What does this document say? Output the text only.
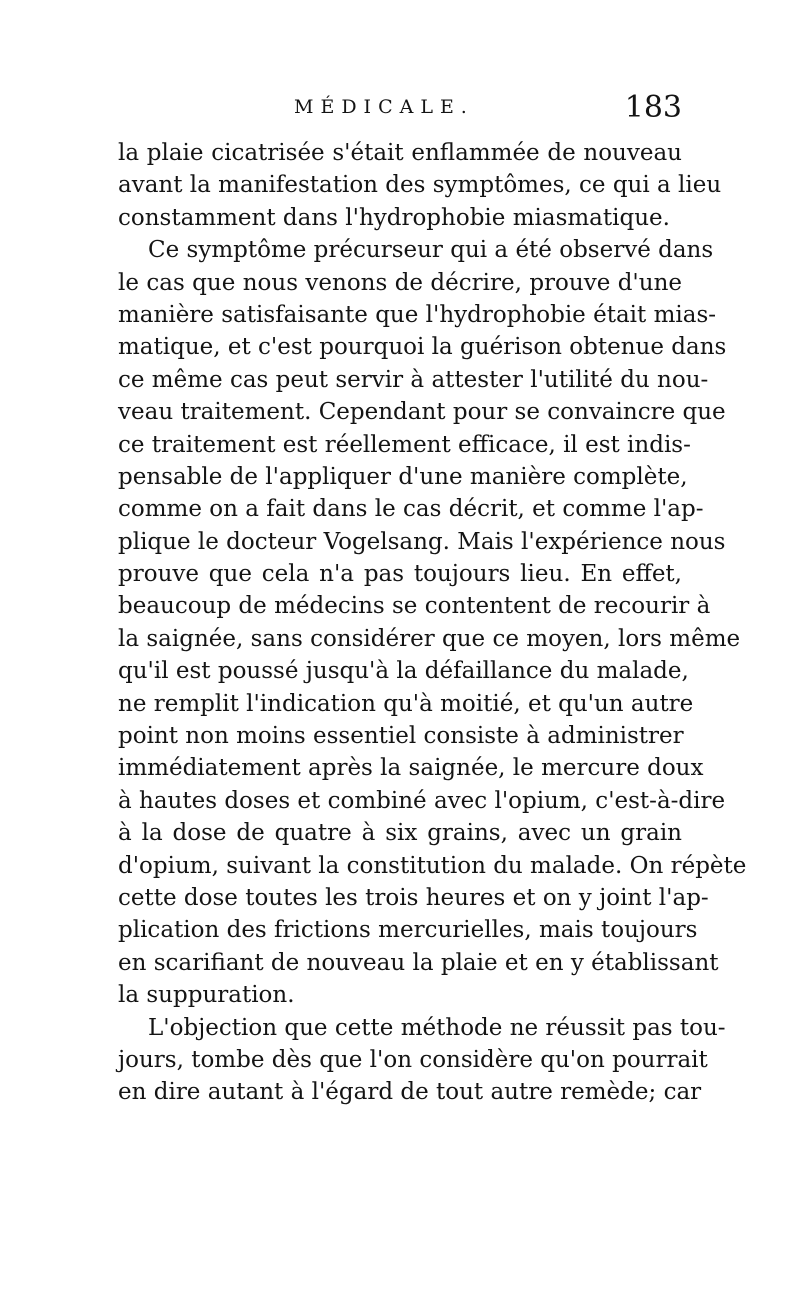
MÉDICALE.	183
la plaie cicatrisée s'était enflammée de nouveau
avant la manifestation des symptômes, ce qui a lieu
constamment dans l'hydrophobie miasmatique.
Ce symptôme précurseur qui a été observé dans
le cas que nous venons de décrire, prouve d'une
manière satisfaisante que l'hydrophobie était mias-
matique, et c'est pourquoi la guérison obtenue dans
ce même cas peut servir à attester l'utilité du nou-
veau traitement. Cependant pour se convaincre que
ce traitement est réellement efficace, il est indis-
pensable de l'appliquer d'une manière complète,
comme on a fait dans le cas décrit, et comme l'ap-
plique le docteur Vogelsang. Mais l'expérience nous
prouve que cela n'a pas toujours lieu. En effet,
beaucoup de médecins se contentent de recourir à
la saignée, sans considérer que ce moyen, lors même
qu'il est poussé jusqu'à la défaillance du malade,
ne remplit l'indication qu'à moitié, et qu'un autre
point non moins essentiel consiste à administrer
immédiatement après la saignée, le mercure doux
à hautes doses et combiné avec l'opium, c'est-à-dire
à la dose de quatre à six grains, avec un grain
d'opium, suivant la constitution du malade. On répète
cette dose toutes les trois heures et on y joint l'ap-
plication des frictions mercurielles, mais toujours
en scarifiant de nouveau la plaie et en y établissant
la suppuration.
L'objection que cette méthode ne réussit pas tou-
jours, tombe dès que l'on considère qu'on pourrait
en dire autant à l'égard de tout autre remède; car
